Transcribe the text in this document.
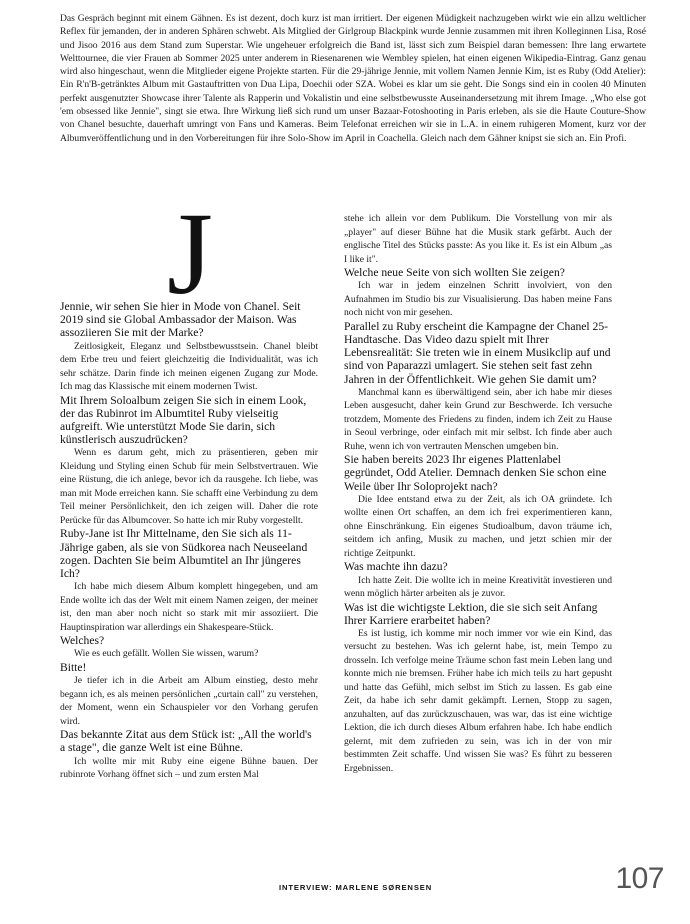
Das Gespräch beginnt mit einem Gähnen. Es ist dezent, doch kurz ist man irritiert. Der eigenen Müdigkeit nachzugeben wirkt wie ein allzu weltlicher Reflex für jemanden, der in anderen Sphären schwebt. Als Mitglied der Girlgroup Blackpink wurde Jennie zusammen mit ihren Kolleginnen Lisa, Rosé und Jisoo 2016 aus dem Stand zum Superstar. Wie ungeheuer erfolgreich die Band ist, lässt sich zum Beispiel daran bemessen: Ihre lang erwartete Welttournee, die vier Frauen ab Sommer 2025 unter anderem in Riesenarenen wie Wembley spielen, hat einen eigenen Wikipedia-Eintrag. Ganz genau wird also hingeschaut, wenn die Mitglieder eigene Projekte starten. Für die 29-jährige Jennie, mit vollem Namen Jennie Kim, ist es Ruby (Odd Atelier): Ein R'n'B-getränktes Album mit Gastauftritten von Dua Lipa, Doechii oder SZA. Wobei es klar um sie geht. Die Songs sind ein in coolen 40 Minuten perfekt ausgenutzter Showcase ihrer Talente als Rapperin und Vokalistin und eine selbstbewusste Auseinandersetzung mit ihrem Image. „Who else got 'em obsessed like Jennie", singt sie etwa. Ihre Wirkung ließ sich rund um unser Bazaar-Fotoshooting in Paris erleben, als sie die Haute Couture-Show von Chanel besuchte, dauerhaft umringt von Fans und Kameras. Beim Telefonat erreichen wir sie in L.A. in einem ruhigeren Moment, kurz vor der Albumveröffentlichung und in den Vorbereitungen für ihre Solo-Show im April in Coachella. Gleich nach dem Gähner knipst sie sich an. Ein Profi.

J

Jennie, wir sehen Sie hier in Mode von Chanel. Seit 2019 sind sie Global Ambassador der Maison. Was assoziieren Sie mit der Marke?

Zeitlosigkeit, Eleganz und Selbstbewusstsein. Chanel bleibt dem Erbe treu und feiert gleichzeitig die Individualität, was ich sehr schätze. Darin finde ich meinen eigenen Zugang zur Mode. Ich mag das Klassische mit einem modernen Twist.

Mit Ihrem Soloalbum zeigen Sie sich in einem Look, der das Rubinrot im Albumtitel Ruby vielseitig aufgreift. Wie unterstützt Mode Sie darin, sich künstlerisch auszudrücken?

Wenn es darum geht, mich zu präsentieren, geben mir Kleidung und Styling einen Schub für mein Selbstvertrauen. Wie eine Rüstung, die ich anlege, bevor ich da rausgehe. Ich liebe, was man mit Mode erreichen kann. Sie schafft eine Verbindung zu dem Teil meiner Persönlichkeit, den ich zeigen will. Daher die rote Perücke für das Albumcover. So hatte ich mir Ruby vorgestellt.

Ruby-Jane ist Ihr Mittelname, den Sie sich als 11-Jährige gaben, als sie von Südkorea nach Neuseeland zogen. Dachten Sie beim Albumtitel an Ihr jüngeres Ich?

Ich habe mich diesem Album komplett hingegeben, und am Ende wollte ich das der Welt mit einem Namen zeigen, der meiner ist, den man aber noch nicht so stark mit mir assoziiert. Die Hauptinspiration war allerdings ein Shakespeare-Stück.

Welches?

Wie es euch gefällt. Wollen Sie wissen, warum?

Bitte!

Je tiefer ich in die Arbeit am Album einstieg, desto mehr begann ich, es als meinen persönlichen „curtain call" zu verstehen, der Moment, wenn ein Schauspieler vor den Vorhang gerufen wird.

Das bekannte Zitat aus dem Stück ist: „All the world's a stage", die ganze Welt ist eine Bühne.

Ich wollte mir mit Ruby eine eigene Bühne bauen. Der rubinrote Vorhang öffnet sich – und zum ersten Mal

stehe ich allein vor dem Publikum. Die Vorstellung von mir als „player" auf dieser Bühne hat die Musik stark gefärbt. Auch der englische Titel des Stücks passte: As you like it. Es ist ein Album „as I like it".

Welche neue Seite von sich wollten Sie zeigen?

Ich war in jedem einzelnen Schritt involviert, von den Aufnahmen im Studio bis zur Visualisierung. Das haben meine Fans noch nicht von mir gesehen.

Parallel zu Ruby erscheint die Kampagne der Chanel 25-Handtasche. Das Video dazu spielt mit Ihrer Lebensrealität: Sie treten wie in einem Musikclip auf und sind von Paparazzi umlagert. Sie stehen seit fast zehn Jahren in der Öffentlichkeit. Wie gehen Sie damit um?

Manchmal kann es überwältigend sein, aber ich habe mir dieses Leben ausgesucht, daher kein Grund zur Beschwerde. Ich versuche trotzdem, Momente des Friedens zu finden, indem ich Zeit zu Hause in Seoul verbringe, oder einfach mit mir selbst. Ich finde aber auch Ruhe, wenn ich von vertrauten Menschen umgeben bin.

Sie haben bereits 2023 Ihr eigenes Plattenlabel gegründet, Odd Atelier. Demnach denken Sie schon eine Weile über Ihr Soloprojekt nach?

Die Idee entstand etwa zu der Zeit, als ich OA gründete. Ich wollte einen Ort schaffen, an dem ich frei experimentieren kann, ohne Einschränkung. Ein eigenes Studioalbum, davon träume ich, seitdem ich anfing, Musik zu machen, und jetzt schien mir der richtige Zeitpunkt.

Was machte ihn dazu?

Ich hatte Zeit. Die wollte ich in meine Kreativität investieren und wenn möglich härter arbeiten als je zuvor.

Was ist die wichtigste Lektion, die sie sich seit Anfang Ihrer Karriere erarbeitet haben?

Es ist lustig, ich komme mir noch immer vor wie ein Kind, das versucht zu bestehen. Was ich gelernt habe, ist, mein Tempo zu drosseln. Ich verfolge meine Träume schon fast mein Leben lang und konnte mich nie bremsen. Früher habe ich mich teils zu hart gepusht und hatte das Gefühl, mich selbst im Stich zu lassen. Es gab eine Zeit, da habe ich sehr damit gekämpft. Lernen, Stopp zu sagen, anzuhalten, auf das zurückzuschauen, was war, das ist eine wichtige Lektion, die ich durch dieses Album erfahren habe. Ich habe endlich gelernt, mit dem zufrieden zu sein, was ich in der von mir bestimmten Zeit schaffe. Und wissen Sie was? Es führt zu besseren Ergebnissen.

INTERVIEW: MARLENE SØRENSEN	107
